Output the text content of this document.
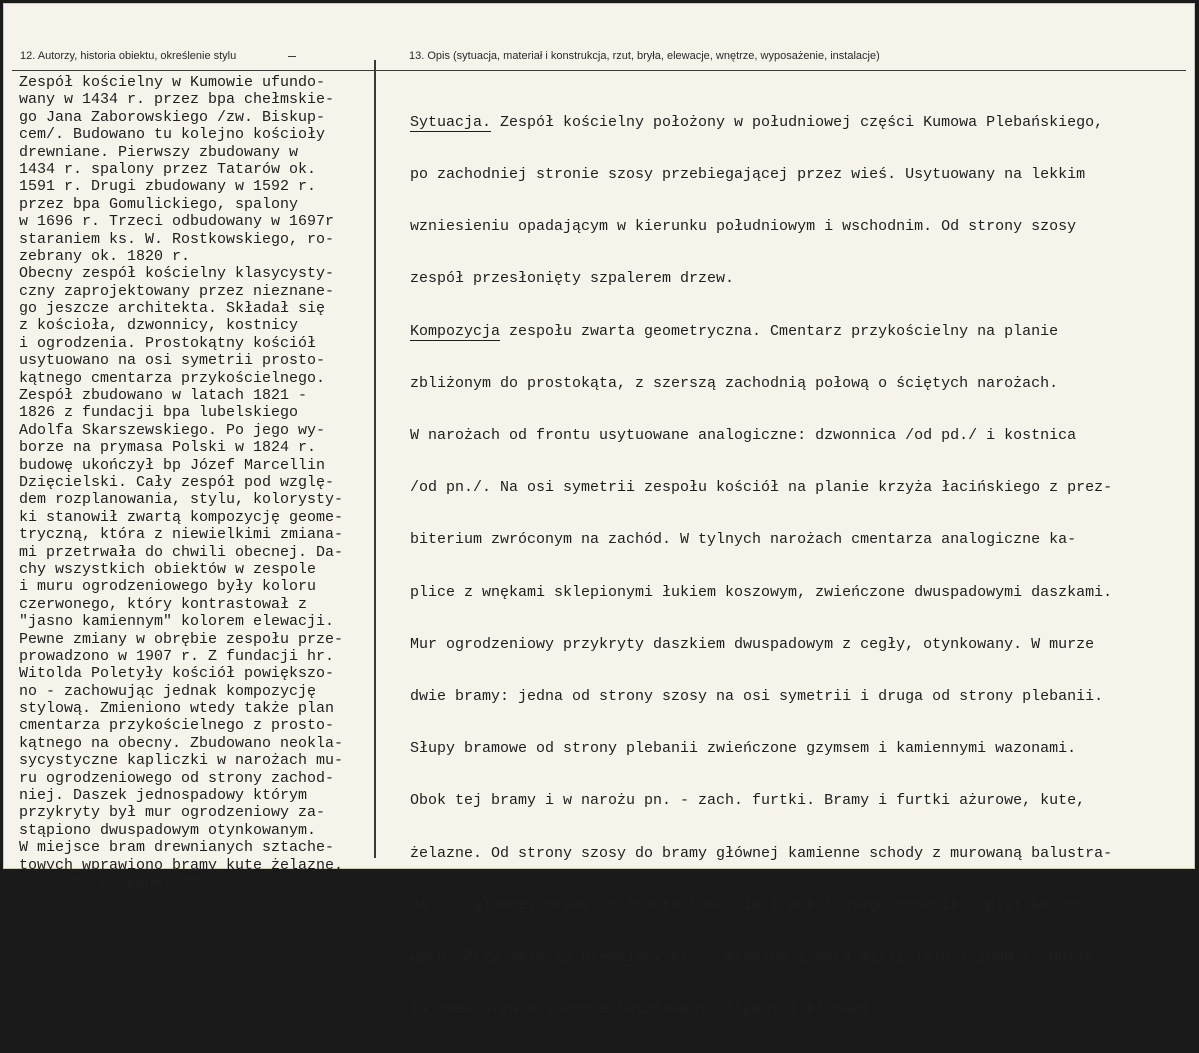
12. Autorzy, historia obiektu, określenie stylu	13. Opis (sytuacja, materiał i konstrukcja, rzut, bryła, elewacje, wnętrze, wyposażenie, instalacje)
Zespół kościelny w Kumowie ufundo-
wany w 1434 r. przez bpa chełmskie-
go Jana Zaborowskiego /zw. Biskup-
cem/. Budowano tu kolejno kościoły
drewniane. Pierwszy zbudowany w
1434 r. spalony przez Tatarów ok.
1591 r. Drugi zbudowany w 1592 r.
przez bpa Gomulickiego, spalony
w 1696 r. Trzeci odbudowany w 1697r
staraniem ks. W. Rostkowskiego, ro-
zebrany ok. 1820 r.
Obecny zespół kościelny klasycysty-
czny zaprojektowany przez nieznane-
go jeszcze architekta. Składał się
z kościoła, dzwonnicy, kostnicy
i ogrodzenia. Prostokątny kościół
usytuowano na osi symetrii prosto-
kątnego cmentarza przykościelnego.
Zespół zbudowano w latach 1821 -
1826 z fundacji bpa lubelskiego
Adolfa Skarszewskiego. Po jego wy-
borze na prymasa Polski w 1824 r.
budowę ukończył bp Józef Marcellin
Dzięcielski. Cały zespół pod wzglę-
dem rozplanowania, stylu, kolorysty-
ki stanowił zwartą kompozycję geome-
tryczną, która z niewielkimi zmiana-
mi przetrwała do chwili obecnej. Da-
chy wszystkich obiektów w zespole
i muru ogrodzeniowego były koloru
czerwonego, który kontrastował z
"jasno kamiennym" kolorem elewacji.
Pewne zmiany w obrębie zespołu prze-
prowadzono w 1907 r. Z fundacji hr.
Witolda Poletyły kościół powiększo-
no - zachowując jednak kompozycję
stylową. Zmieniono wtedy także plan
cmentarza przykościelnego z prosto-
kątnego na obecny. Zbudowano neokla-
sycystyczne kapliczki w narożach mu-
ru ogrodzeniowego od strony zachod-
niej. Daszek jednospadowy którym
przykryty był mur ogrodzeniowy za-
stąpiono dwuspadowym otynkowanym.
W miejsce bram drewnianych sztache-
towych wprawiono bramy kute żelazne.
c. d. punkt 18

Sytuacja. Zespół kościelny położony w południowej części Kumowa Plebańskiego,

po zachodniej stronie szosy przebiegającej przez wieś. Usytuowany na lekkim

wzniesieniu opadającym w kierunku południowym i wschodnim. Od strony szosy

zespół przesłonięty szpalerem drzew.

Kompozycja zespołu zwarta geometryczna. Cmentarz przykościelny na planie

zbliżonym do prostokąta, z szerszą zachodnią połową o ściętych narożach.

W narożach od frontu usytuowane analogiczne: dzwonnica /od pd./ i kostnica

/od pn./. Na osi symetrii zespołu kościół na planie krzyża łacińskiego z prez-

biterium zwróconym na zachód. W tylnych narożach cmentarza analogiczne ka-

plice z wnękami sklepionymi łukiem koszowym, zwieńczone dwuspadowymi daszkami.

Mur ogrodzeniowy przykryty daszkiem dwuspadowym z cegły, otynkowany. W murze

dwie bramy: jedna od strony szosy na osi symetrii i druga od strony plebanii.

Słupy bramowe od strony plebanii zwieńczone gzymsem i kamiennymi wazonami.

Obok tej bramy i w narożu pn. - zach. furtki. Bramy i furtki ażurowe, kute,

żelazne. Od strony szosy do bramy głównej kamienne schody z murowaną balustra-

dą. Od głównej bramy do frontu kościoła i wokół niego chodnik z płyt betono-

wych. Przy wejściu drewniany krzyż misyjny z datą misji 1970 i 1988 r. Obrze-

ża cmentarza obsadzone kasztanami, lipami i klonami.
